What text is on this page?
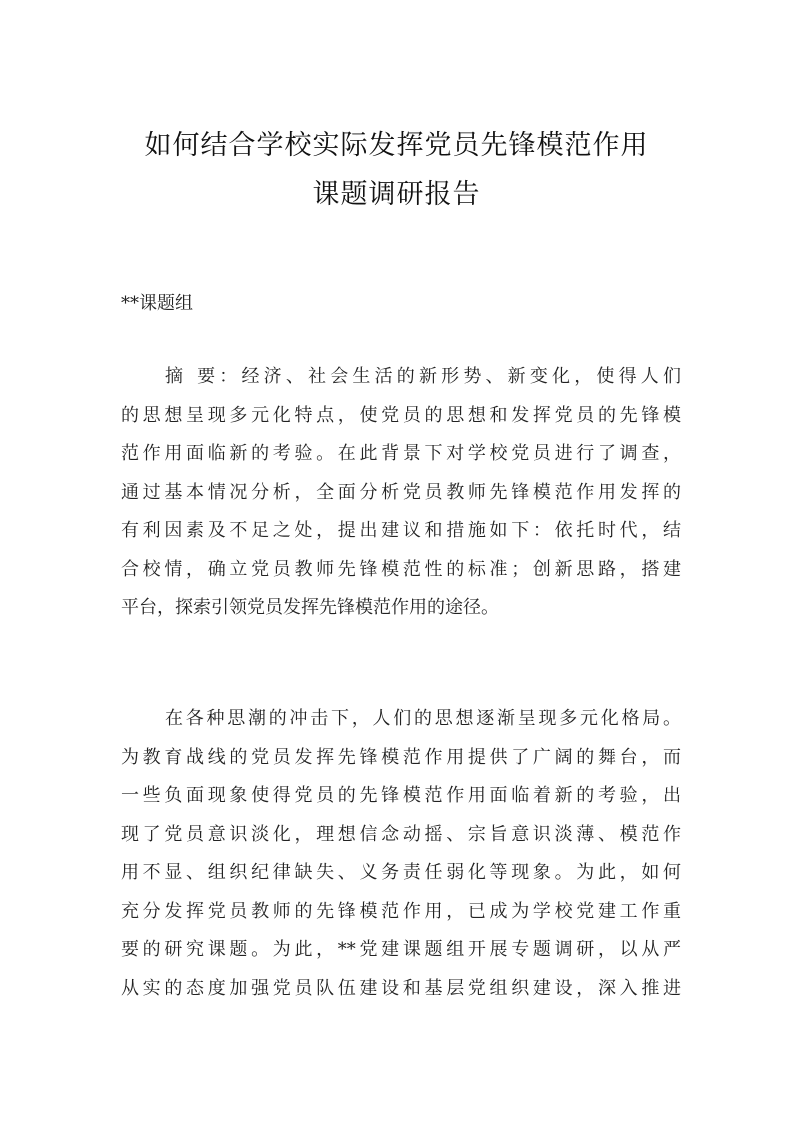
如何结合学校实际发挥党员先锋模范作用
课题调研报告
**课题组
摘 要：经济、社会生活的新形势、新变化，使得人们
的思想呈现多元化特点，使党员的思想和发挥党员的先锋模
范作用面临新的考验。在此背景下对学校党员进行了调查，
通过基本情况分析，全面分析党员教师先锋模范作用发挥的
有利因素及不足之处，提出建议和措施如下：依托时代，结
合校情，确立党员教师先锋模范性的标准；创新思路，搭建
平台，探索引领党员发挥先锋模范作用的途径。
在各种思潮的冲击下，人们的思想逐渐呈现多元化格局。
为教育战线的党员发挥先锋模范作用提供了广阔的舞台，而
一些负面现象使得党员的先锋模范作用面临着新的考验，出
现了党员意识淡化，理想信念动摇、宗旨意识淡薄、模范作
用不显、组织纪律缺失、义务责任弱化等现象。为此，如何
充分发挥党员教师的先锋模范作用，已成为学校党建工作重
要的研究课题。为此，**党建课题组开展专题调研，以从严
从实的态度加强党员队伍建设和基层党组织建设，深入推进
